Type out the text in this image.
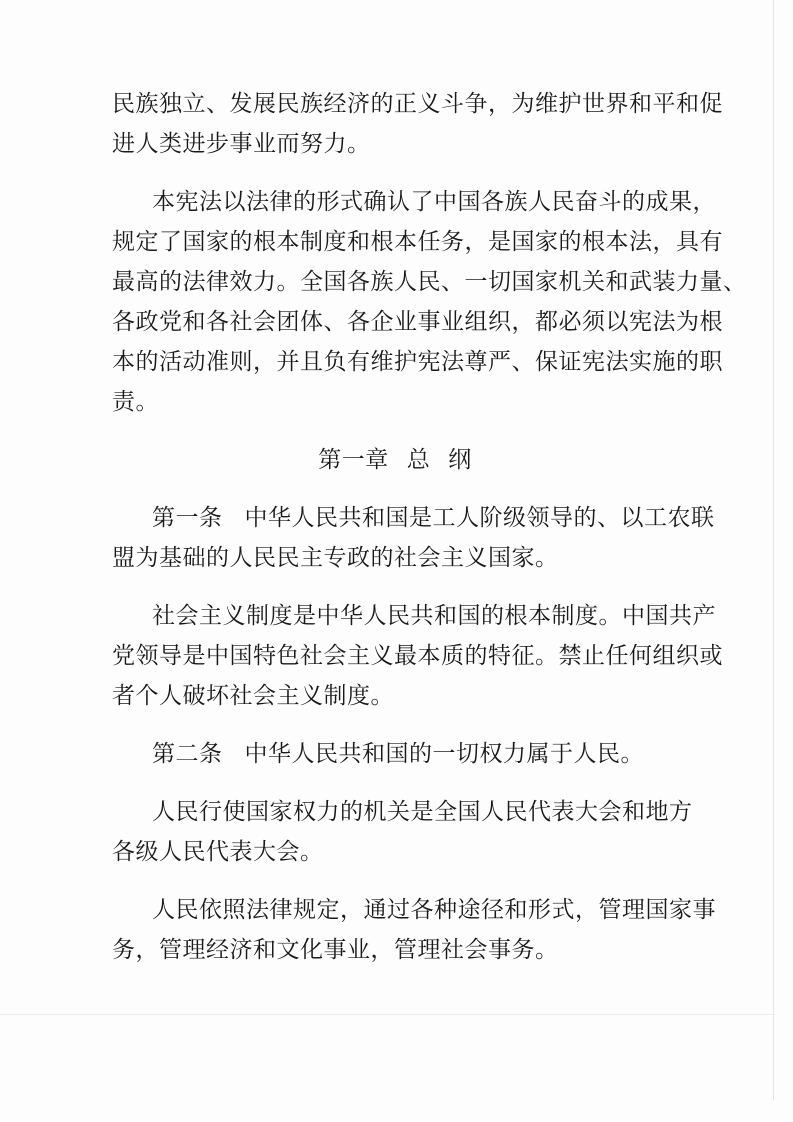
民族独立、发展民族经济的正义斗争，为维护世界和平和促
进人类进步事业而努力。
本宪法以法律的形式确认了中国各族人民奋斗的成果，
规定了国家的根本制度和根本任务，是国家的根本法，具有
最高的法律效力。全国各族人民、一切国家机关和武装力量、
各政党和各社会团体、各企业事业组织，都必须以宪法为根
本的活动准则，并且负有维护宪法尊严、保证宪法实施的职
责。
第一章 总 纲
第一条 中华人民共和国是工人阶级领导的、以工农联
盟为基础的人民民主专政的社会主义国家。
社会主义制度是中华人民共和国的根本制度。中国共产
党领导是中国特色社会主义最本质的特征。禁止任何组织或
者个人破坏社会主义制度。
第二条 中华人民共和国的一切权力属于人民。
人民行使国家权力的机关是全国人民代表大会和地方
各级人民代表大会。
人民依照法律规定，通过各种途径和形式，管理国家事
务，管理经济和文化事业，管理社会事务。
